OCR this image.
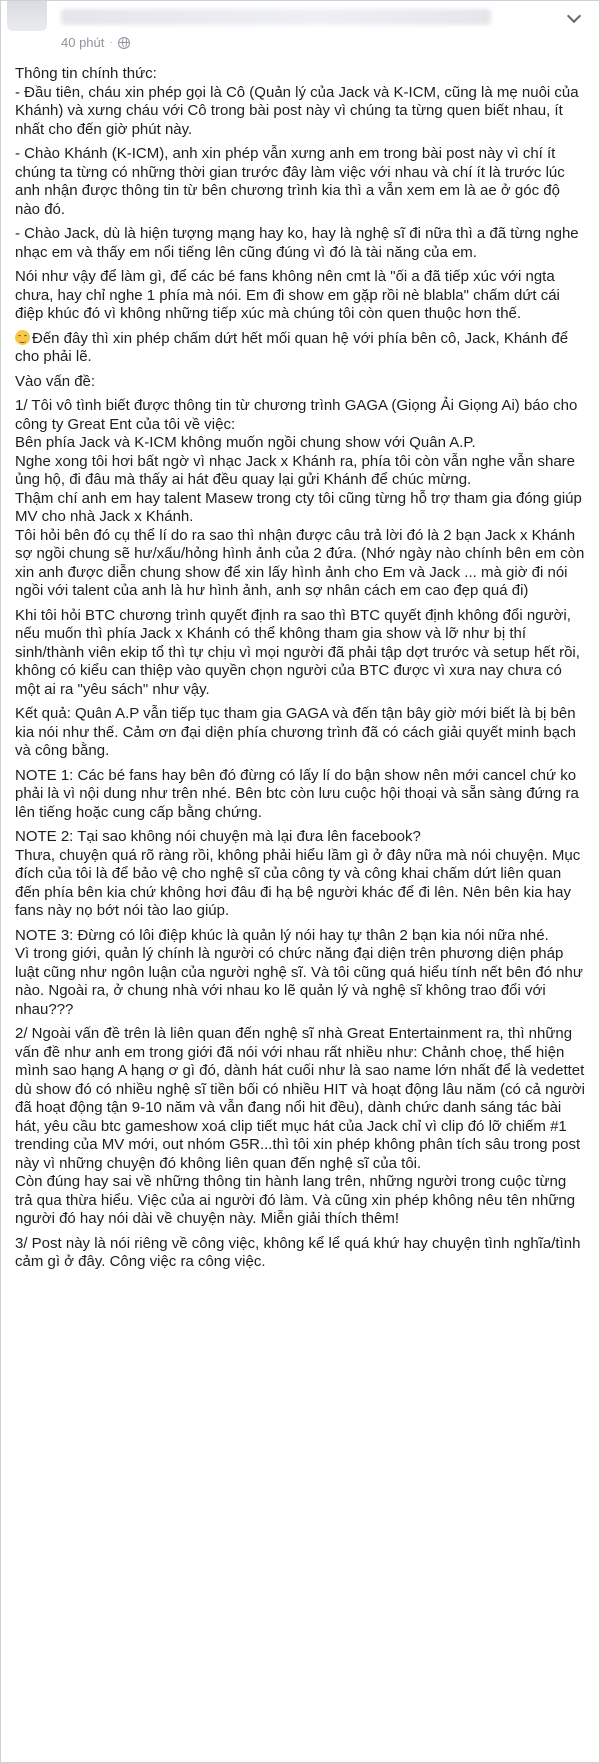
40 phút ·

Thông tin chính thức:
- Đầu tiên, cháu xin phép gọi là Cô (Quản lý của Jack và K-ICM, cũng là mẹ nuôi của Khánh) và xưng cháu với Cô trong bài post này vì chúng ta từng quen biết nhau, ít nhất cho đến giờ phút này.

- Chào Khánh (K-ICM), anh xin phép vẫn xưng anh em trong bài post này vì chí ít chúng ta từng có những thời gian trước đây làm việc với nhau và chí ít là trước lúc anh nhận được thông tin từ bên chương trình kia thì a vẫn xem em là ae ở góc độ nào đó.

- Chào Jack, dù là hiện tượng mạng hay ko, hay là nghệ sĩ đi nữa thì a đã từng nghe nhạc em và thấy em nổi tiếng lên cũng đúng vì đó là tài năng của em.

Nói như vậy để làm gì, để các bé fans không nên cmt là "ối a đã tiếp xúc với ngta chưa, hay chỉ nghe 1 phía mà nói. Em đi show em gặp rồi nè blabla" chấm dứt cái điệp khúc đó vì không những tiếp xúc mà chúng tôi còn quen thuộc hơn thế.

Đến đây thì xin phép chấm dứt hết mối quan hệ với phía bên cô, Jack, Khánh để cho phải lẽ.

Vào vấn đề:

1/ Tôi vô tình biết được thông tin từ chương trình GAGA (Giọng Ải Giọng Ai) báo cho công ty Great Ent của tôi về việc:
Bên phía Jack và K-ICM không muốn ngồi chung show với Quân A.P.
Nghe xong tôi hơi bất ngờ vì nhạc Jack x Khánh ra, phía tôi còn vẫn nghe vẫn share ủng hộ, đi đâu mà thấy ai hát đều quay lại gửi Khánh để chúc mừng.
Thậm chí anh em hay talent Masew trong cty tôi cũng từng hỗ trợ tham gia đóng giúp MV cho nhà Jack x Khánh.
Tôi hỏi bên đó cụ thể lí do ra sao thì nhận được câu trả lời đó là 2 bạn Jack x Khánh sợ ngồi chung sẽ hư/xấu/hỏng hình ảnh của 2 đứa. (Nhớ ngày nào chính bên em còn xin anh được diễn chung show để xin lấy hình ảnh cho Em và Jack ... mà giờ đi nói ngồi với talent của anh là hư hình ảnh, anh sợ nhân cách em cao đẹp quá đi)

Khi tôi hỏi BTC chương trình quyết định ra sao thì BTC quyết định không đổi người, nếu muốn thì phía Jack x Khánh có thể không tham gia show và lỡ như bị thí sinh/thành viên ekip tổ thì tự chịu vì mọi người đã phải tập dợt trước và setup hết rồi, không có kiểu can thiệp vào quyền chọn người của BTC được vì xưa nay chưa có một ai ra "yêu sách" như vậy.

Kết quả: Quân A.P vẫn tiếp tục tham gia GAGA và đến tận bây giờ mới biết là bị bên kia nói như thế. Cảm ơn đại diện phía chương trình đã có cách giải quyết minh bạch và công bằng.

NOTE 1: Các bé fans hay bên đó đừng có lấy lí do bận show nên mới cancel chứ ko phải là vì nội dung như trên nhé. Bên btc còn lưu cuộc hội thoại và sẵn sàng đứng ra lên tiếng hoặc cung cấp bằng chứng.

NOTE 2: Tại sao không nói chuyện mà lại đưa lên facebook?
Thưa, chuyện quá rõ ràng rồi, không phải hiểu lầm gì ở đây nữa mà nói chuyện. Mục đích của tôi là để bảo vệ cho nghệ sĩ của công ty và công khai chấm dứt liên quan đến phía bên kia chứ không hơi đâu đi hạ bệ người khác để đi lên. Nên bên kia hay fans này nọ bớt nói tào lao giúp.

NOTE 3: Đừng có lôi điệp khúc là quản lý nói hay tự thân 2 bạn kia nói nữa nhé.
Vì trong giới, quản lý chính là người có chức năng đại diện trên phương diện pháp luật cũng như ngôn luận của người nghệ sĩ. Và tôi cũng quá hiểu tính nết bên đó như nào. Ngoài ra, ở chung nhà với nhau ko lẽ quản lý và nghệ sĩ không trao đổi với nhau???

2/ Ngoài vấn đề trên là liên quan đến nghệ sĩ nhà Great Entertainment ra, thì những vấn đề như anh em trong giới đã nói với nhau rất nhiều như: Chảnh choẹ, thể hiện mình sao hạng A hạng ơ gì đó, dành hát cuối như là sao name lớn nhất để là vedettet dù show đó có nhiều nghệ sĩ tiền bối có nhiều HIT và hoạt động lâu năm (có cả người đã hoạt động tận 9-10 năm và vẫn đang nổi hit đều), dành chức danh sáng tác bài hát, yêu cầu btc gameshow xoá clip tiết mục hát của Jack chỉ vì clip đó lỡ chiếm #1 trending của MV mới, out nhóm G5R...thì tôi xin phép không phân tích sâu trong post này vì những chuyện đó không liên quan đến nghệ sĩ của tôi.
Còn đúng hay sai về những thông tin hành lang trên, những người trong cuộc từng trả qua thừa hiểu. Việc của ai người đó làm. Và cũng xin phép không nêu tên những người đó hay nói dài về chuyện này. Miễn giải thích thêm!

3/ Post này là nói riêng về công việc, không kể lể quá khứ hay chuyện tình nghĩa/tình cảm gì ở đây. Công việc ra công việc.
